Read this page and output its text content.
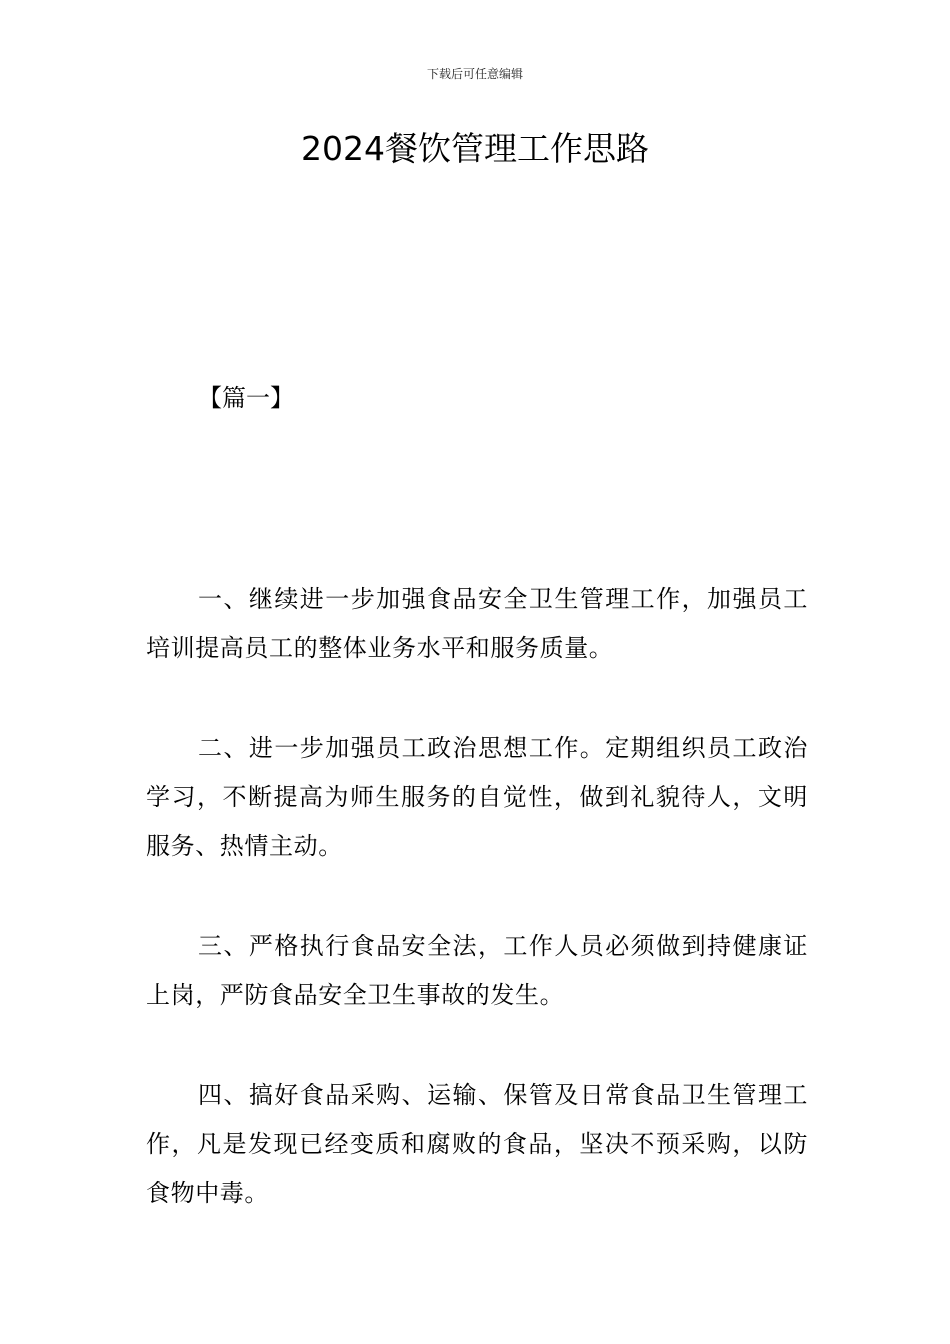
下载后可任意编辑
2024餐饮管理工作思路
【篇一】

一、继续进一步加强食品安全卫生管理工作，加强员工培训提高员工的整体业务水平和服务质量。

二、进一步加强员工政治思想工作。定期组织员工政治学习，不断提高为师生服务的自觉性，做到礼貌待人，文明服务、热情主动。

三、严格执行食品安全法，工作人员必须做到持健康证上岗，严防食品安全卫生事故的发生。

四、搞好食品采购、运输、保管及日常食品卫生管理工作，凡是发现已经变质和腐败的食品，坚决不预采购，以防食物中毒。
